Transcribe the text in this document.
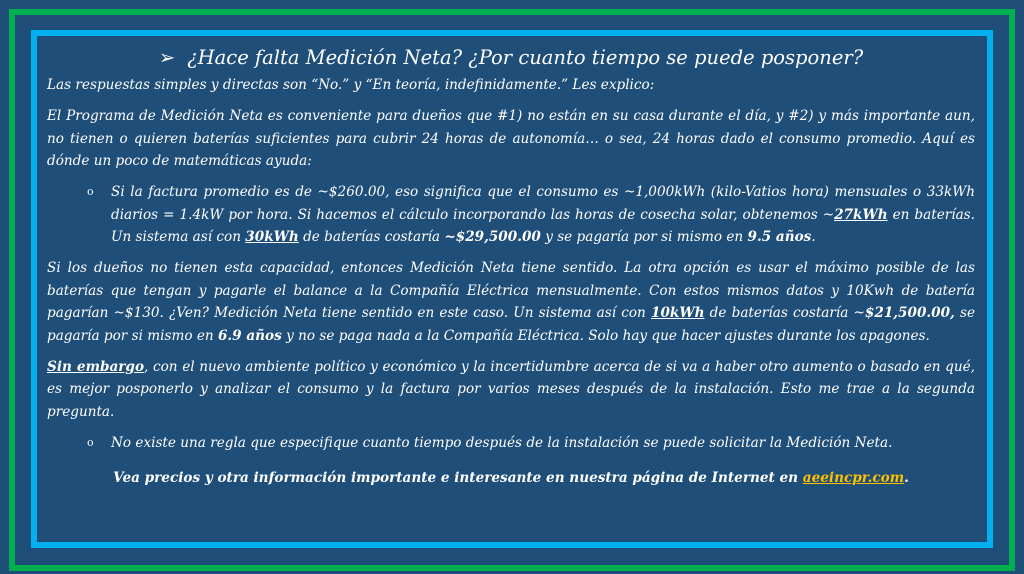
➢ ¿Hace falta Medición Neta? ¿Por cuanto tiempo se puede posponer?

Las respuestas simples y directas son “No.” y “En teoría, indefinidamente.” Les explico:

El Programa de Medición Neta es conveniente para dueños que #1) no están en su casa durante el día, y #2) y más importante aun, no tienen o quieren baterías suficientes para cubrir 24 horas de autonomía… o sea, 24 horas dado el consumo promedio. Aquí es dónde un poco de matemáticas ayuda:

o	Si la factura promedio es de ~$260.00, eso significa que el consumo es ~1,000kWh (kilo-Vatios hora) mensuales o 33kWh diarios = 1.4kW por hora. Si hacemos el cálculo incorporando las horas de cosecha solar, obtenemos ~27kWh en baterías. Un sistema así con 30kWh de baterías costaría ~$29,500.00 y se pagaría por si mismo en 9.5 años.

Si los dueños no tienen esta capacidad, entonces Medición Neta tiene sentido. La otra opción es usar el máximo posible de las baterías que tengan y pagarle el balance a la Compañía Eléctrica mensualmente. Con estos mismos datos y 10Kwh de batería pagarían ~$130. ¿Ven? Medición Neta tiene sentido en este caso. Un sistema así con 10kWh de baterías costaría ~$21,500.00, se pagaría por si mismo en 6.9 años y no se paga nada a la Compañía Eléctrica. Solo hay que hacer ajustes durante los apagones.

Sin embargo, con el nuevo ambiente político y económico y la incertidumbre acerca de si va a haber otro aumento o basado en qué, es mejor posponerlo y analizar el consumo y la factura por varios meses después de la instalación. Esto me trae a la segunda pregunta.

o	No existe una regla que especifique cuanto tiempo después de la instalación se puede solicitar la Medición Neta.

Vea precios y otra información importante e interesante en nuestra página de Internet en aeeincpr.com.
